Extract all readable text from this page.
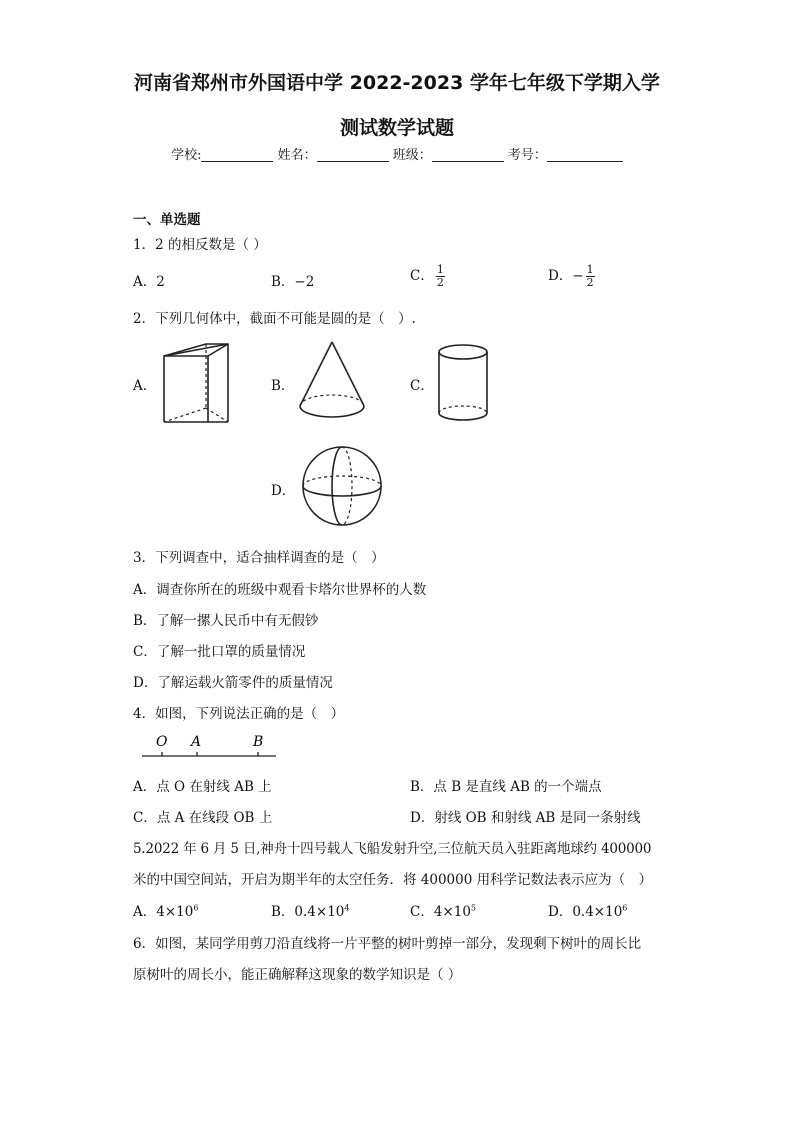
河南省郑州市外国语中学 2022-2023 学年七年级下学期入学
测试数学试题
学校:	姓名：	班级：	考号：
一、单选题
1．2 的相反数是（ ）
A．2	B．−2	C． $\frac{1}{2}$	D．− $\frac{1}{2}$
2．下列几何体中，截面不可能是圆的是（　）.
A．	B．	C．
D．
3．下列调查中，适合抽样调查的是（　）
A．调查你所在的班级中观看卡塔尔世界杯的人数
B．了解一摞人民币中有无假钞
C．了解一批口罩的质量情况
D．了解运载火箭零件的质量情况
4．如图，下列说法正确的是（　）
O A	B
A．点 O 在射线 AB 上	B．点 B 是直线 AB 的一个端点
C．点 A 在线段 OB 上	D．射线 OB 和射线 AB 是同一条射线
5.2022 年 6 月 5 日,神舟十四号载人飞船发射升空,三位航天员入驻距离地球约 400000
米的中国空间站，开启为期半年的太空任务．将 400000 用科学记数法表示应为（　）
A．$4\times 10^6$	B．$0.4\times 10^4$	C．$4\times 10^5$	D．$0.4\times 10^6$
6．如图，某同学用剪刀沿直线将一片平整的树叶剪掉一部分，发现剩下树叶的周长比
原树叶的周长小，能正确解释这现象的数学知识是（ ）
